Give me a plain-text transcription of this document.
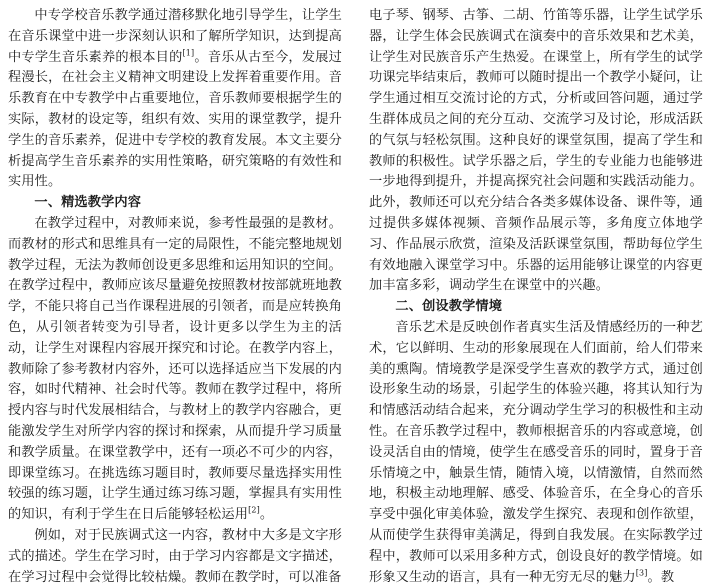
中专学校音乐教学通过潜移默化地引导学生，让学生在音乐课堂中进一步深刻认识和了解所学知识，达到提高中专学生音乐素养的根本目的[1]。音乐从古至今，发展过程漫长，在社会主义精神文明建设上发挥着重要作用。音乐教育在中专教学中占重要地位，音乐教师要根据学生的实际，教材的设定等，组织有效、实用的课堂教学，提升学生的音乐素养，促进中专学校的教育发展。本文主要分析提高学生音乐素养的实用性策略，研究策略的有效性和实用性。

一、精选教学内容

在教学过程中，对教师来说，参考性最强的是教材。而教材的形式和思维具有一定的局限性，不能完整地规划教学过程，无法为教师创设更多思维和运用知识的空间。在教学过程中，教师应该尽量避免按照教材按部就班地教学，不能只将自己当作课程进展的引领者，而是应转换角色，从引领者转变为引导者，设计更多以学生为主的活动，让学生对课程内容展开探究和讨论。在教学内容上，教师除了参考教材内容外，还可以选择适应当下发展的内容，如时代精神、社会时代等。教师在教学过程中，将所授内容与时代发展相结合，与教材上的教学内容融合，更能激发学生对所学内容的探讨和探索，从而提升学习质量和教学质量。在课堂教学中，还有一项必不可少的内容，即课堂练习。在挑选练习题目时，教师要尽量选择实用性较强的练习题，让学生通过练习练习题，掌握具有实用性的知识，有利于学生在日后能够轻松运用[2]。

例如，对于民族调式这一内容，教材中大多是文字形式的描述。学生在学习时，由于学习内容都是文字描述，在学习过程中会觉得比较枯燥。教师在教学时，可以准备

电子琴、钢琴、古筝、二胡、竹笛等乐器，让学生试学乐器，让学生体会民族调式在演奏中的音乐效果和艺术美，让学生对民族音乐产生热爱。在课堂上，所有学生的试学功课完毕结束后，教师可以随时提出一个教学小疑问，让学生通过相互交流讨论的方式，分析或回答问题，通过学生群体成员之间的充分互动、交流学习及讨论，形成活跃的气氛与轻松氛围。这种良好的课堂氛围，提高了学生和教师的积极性。试学乐器之后，学生的专业能力也能够进一步地得到提升，并提高探究社会问题和实践活动能力。此外，教师还可以充分结合各类多媒体设备、课件等，通过提供多媒体视频、音频作品展示等，多角度立体地学习、作品展示欣赏，渲染及活跃课堂氛围，帮助每位学生有效地融入课堂学习中。乐器的运用能够让课堂的内容更加丰富多彩，调动学生在课堂中的兴趣。

二、创设教学情境

音乐艺术是反映创作者真实生活及情感经历的一种艺术，它以鲜明、生动的形象展现在人们面前，给人们带来美的熏陶。情境教学是深受学生喜欢的教学方式，通过创设形象生动的场景，引起学生的体验兴趣，将其认知行为和情感活动结合起来，充分调动学生学习的积极性和主动性。在音乐教学过程中，教师根据音乐的内容或意境，创设灵活自由的情境，使学生在感受音乐的同时，置身于音乐情境之中，触景生情，随情入境，以情激情，自然而然地，积极主动地理解、感受、体验音乐，在全身心的音乐享受中强化审美体验，激发学生探究、表现和创作欲望，从而使学生获得审美满足，得到自我发展。在实际教学过程中，教师可以采用多种方式，创设良好的教学情境。如形象又生动的语言，具有一种无穷无尽的魅力[3]。教
